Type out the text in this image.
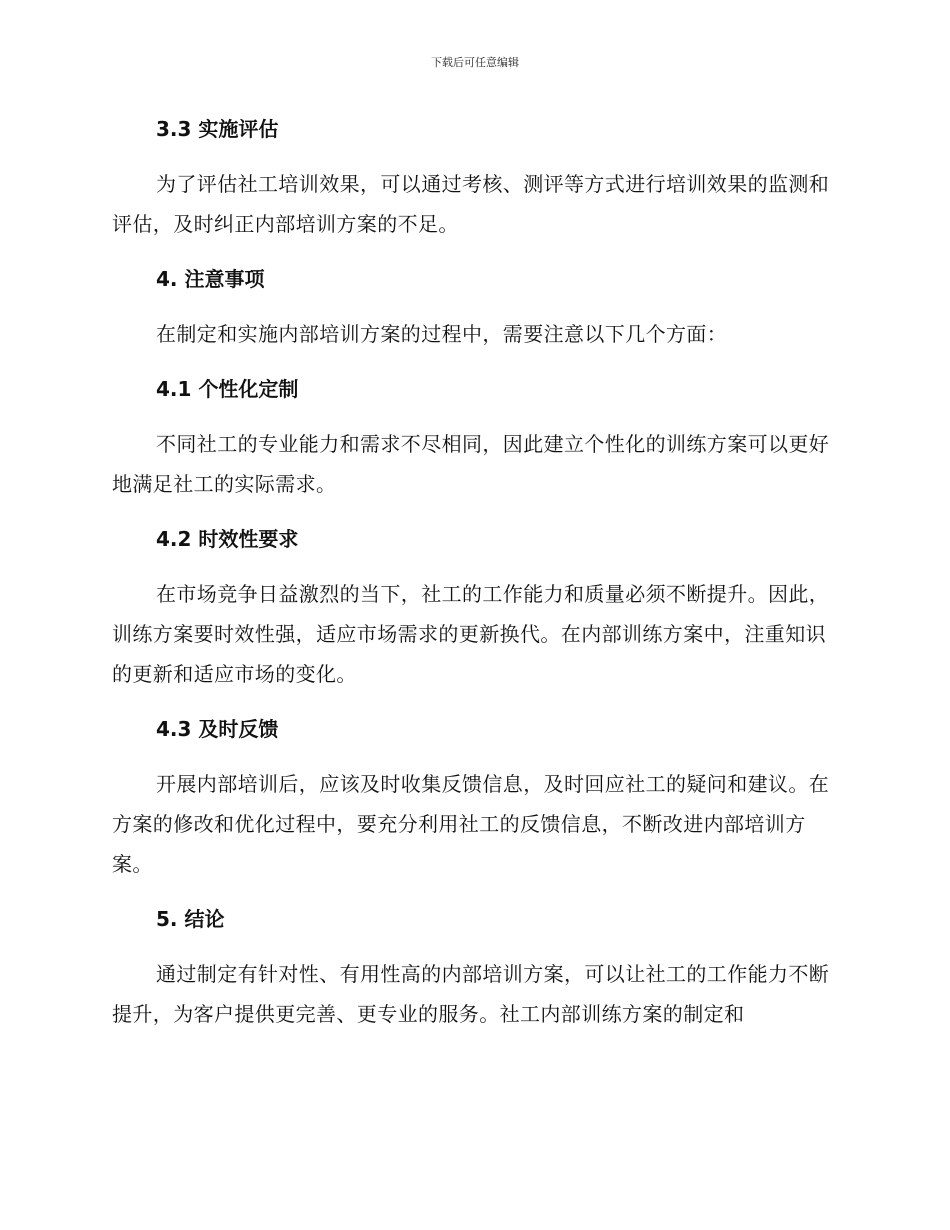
下载后可任意编辑
3.3 实施评估

为了评估社工培训效果，可以通过考核、测评等方式进行培训效果的监测和评估，及时纠正内部培训方案的不足。

4. 注意事项

在制定和实施内部培训方案的过程中，需要注意以下几个方面：

4.1 个性化定制

不同社工的专业能力和需求不尽相同，因此建立个性化的训练方案可以更好地满足社工的实际需求。

4.2 时效性要求

在市场竞争日益激烈的当下，社工的工作能力和质量必须不断提升。因此，训练方案要时效性强，适应市场需求的更新换代。在内部训练方案中，注重知识的更新和适应市场的变化。

4.3 及时反馈

开展内部培训后，应该及时收集反馈信息，及时回应社工的疑问和建议。在方案的修改和优化过程中，要充分利用社工的反馈信息，不断改进内部培训方案。

5. 结论

通过制定有针对性、有用性高的内部培训方案，可以让社工的工作能力不断提升，为客户提供更完善、更专业的服务。社工内部训练方案的制定和
